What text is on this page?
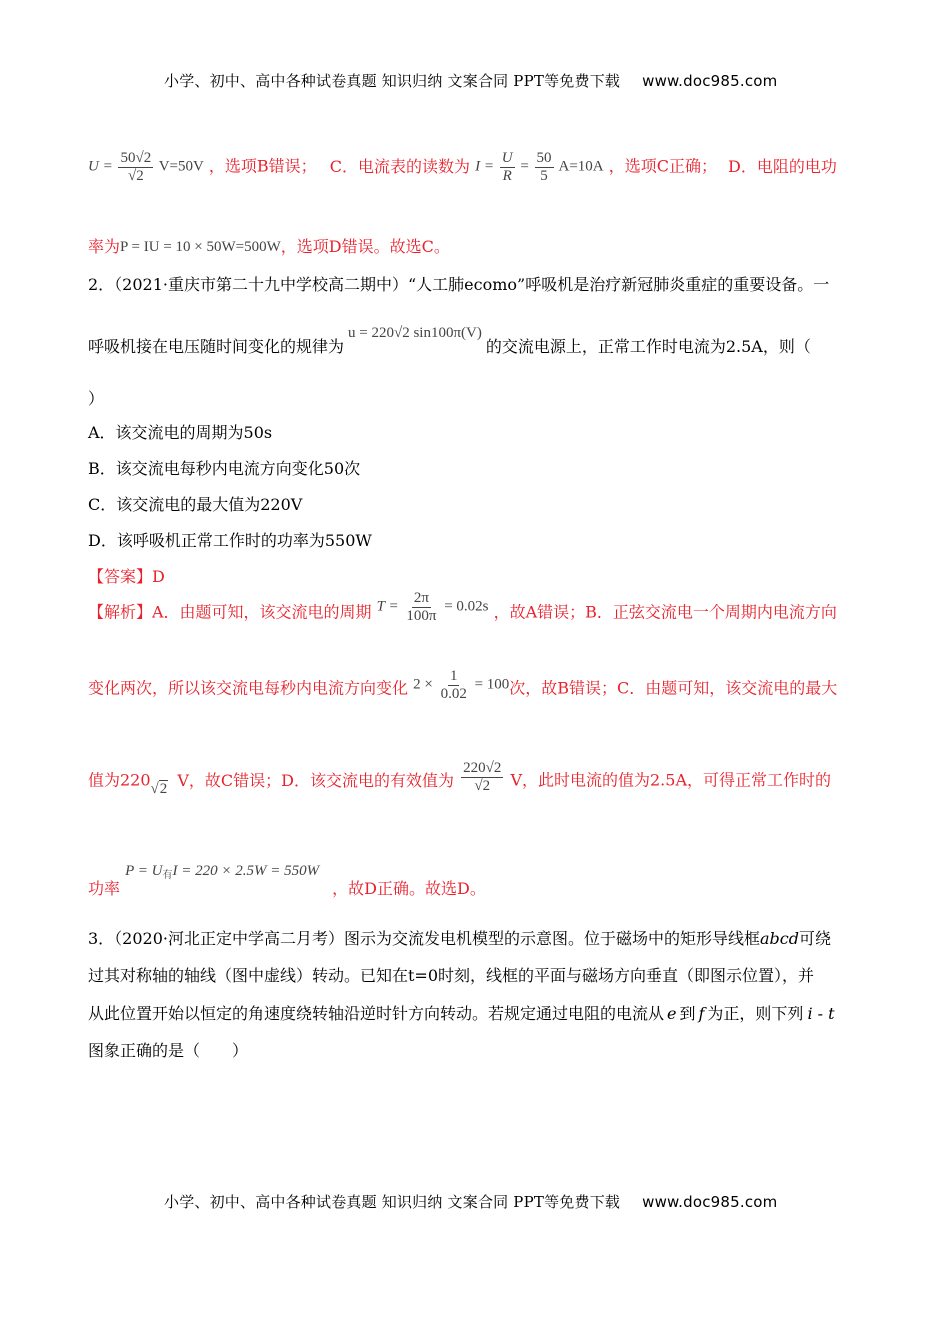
小学、初中、高中各种试卷真题 知识归纳 文案合同 PPT等免费下载 www.doc985.com
$U = \frac{50√2}{√2} V=50V$ ，选项B错误； C．电流表的读数为 $I = \frac{U}{R} = \frac{50}{5} A=10A$ ，选项C正确； D．电阻的电功
率为P = IU = 10 × 50W=500W，选项D错误。故选C。
2．（2021·重庆市第二十九中学校高二期中）“人工肺ecomo”呼吸机是治疗新冠肺炎重症的重要设备。一
呼吸机接在电压随时间变化的规律为u = 220√2 sin100π(V)的交流电源上，正常工作时电流为2.5A，则（
）
A．该交流电的周期为50s
B．该交流电每秒内电流方向变化50次
C．该交流电的最大值为220V
D．该呼吸机正常工作时的功率为550W
【答案】D
【解析】A．由题可知，该交流电的周期 $T = \frac{2\pi}{100\pi} = 0.02s$ ，故A错误；B．正弦交流电一个周期内电流方向
变化两次，所以该交流电每秒内电流方向变化 $2 \times \frac{1}{0.02} = 100$次，故B错误；C．由题可知，该交流电的最大
值为220√2 V，故C错误；D．该交流电的有效值为 $\frac{220√2}{√2}$ V，此时电流的值为2.5A，可得正常工作时的
功率 $P = U_有I = 220 \times 2.5W = 550W$ ，故D正确。故选D。
3．（2020·河北正定中学高二月考）图示为交流发电机模型的示意图。位于磁场中的矩形导线框abcd可绕
过其对称轴的轴线（图中虚线）转动。已知在t=0时刻，线框的平面与磁场方向垂直（即图示位置），并
从此位置开始以恒定的角速度绕转轴沿逆时针方向转动。若规定通过电阻的电流从 e 到 f 为正，则下列 i - t
图象正确的是（　　）
小学、初中、高中各种试卷真题 知识归纳 文案合同 PPT等免费下载 www.doc985.com
